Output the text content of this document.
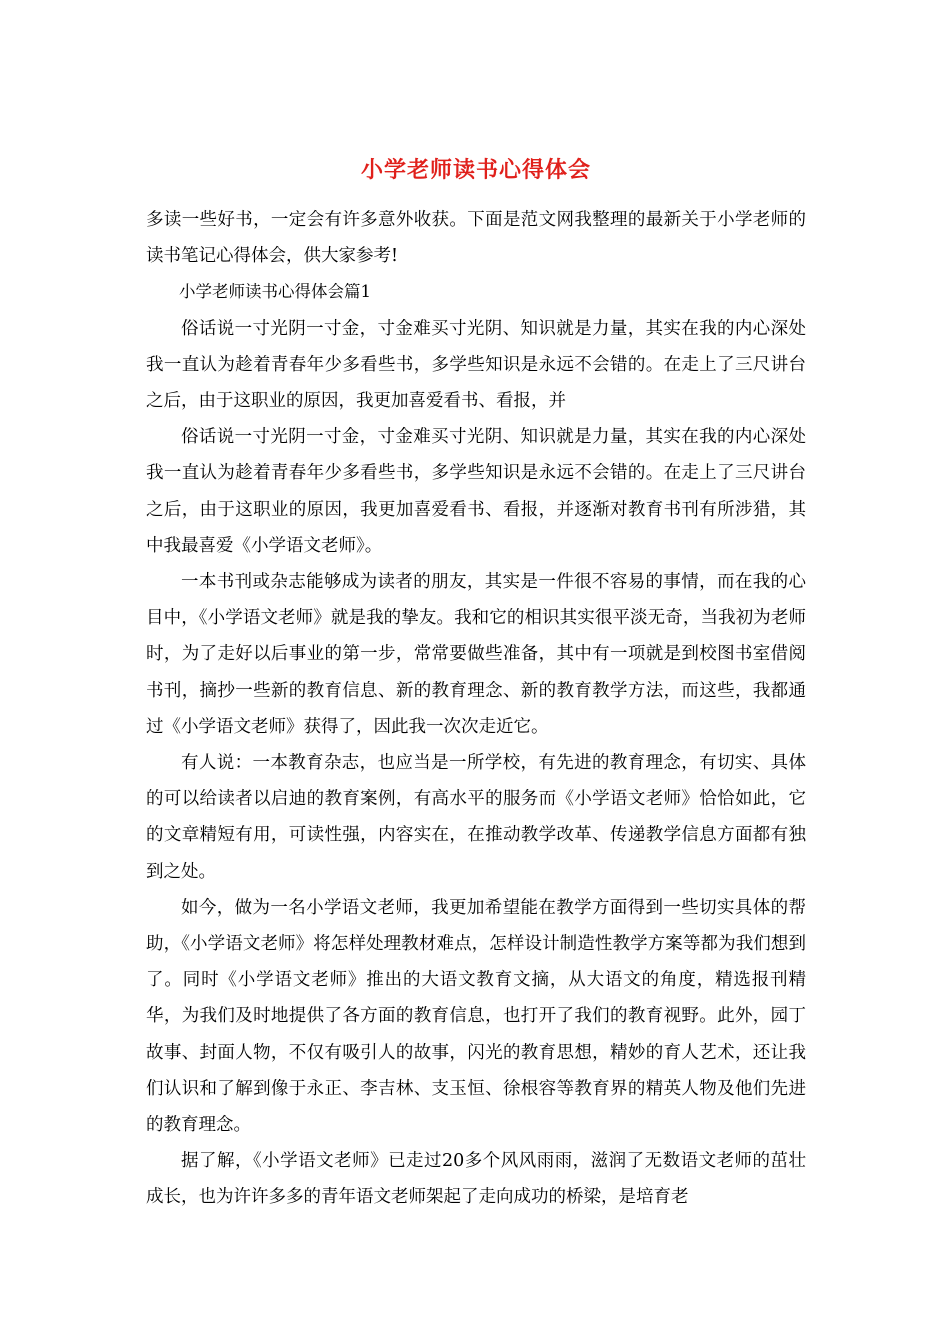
小学老师读书心得体会

多读一些好书，一定会有许多意外收获。下面是范文网我整理的最新关于小学老师的读书笔记心得体会，供大家参考!

小学老师读书心得体会篇1

俗话说一寸光阴一寸金，寸金难买寸光阴、知识就是力量，其实在我的内心深处我一直认为趁着青春年少多看些书，多学些知识是永远不会错的。在走上了三尺讲台之后，由于这职业的原因，我更加喜爱看书、看报，并

俗话说一寸光阴一寸金，寸金难买寸光阴、知识就是力量，其实在我的内心深处我一直认为趁着青春年少多看些书，多学些知识是永远不会错的。在走上了三尺讲台之后，由于这职业的原因，我更加喜爱看书、看报，并逐渐对教育书刊有所涉猎，其中我最喜爱《小学语文老师》。

一本书刊或杂志能够成为读者的朋友，其实是一件很不容易的事情，而在我的心目中，《小学语文老师》就是我的挚友。我和它的相识其实很平淡无奇，当我初为老师时，为了走好以后事业的第一步，常常要做些准备，其中有一项就是到校图书室借阅书刊，摘抄一些新的教育信息、新的教育理念、新的教育教学方法，而这些，我都通过《小学语文老师》获得了，因此我一次次走近它。

有人说：一本教育杂志，也应当是一所学校，有先进的教育理念，有切实、具体的可以给读者以启迪的教育案例，有高水平的服务而《小学语文老师》恰恰如此，它的文章精短有用，可读性强，内容实在，在推动教学改革、传递教学信息方面都有独到之处。

如今，做为一名小学语文老师，我更加希望能在教学方面得到一些切实具体的帮助，《小学语文老师》将怎样处理教材难点，怎样设计制造性教学方案等都为我们想到了。同时《小学语文老师》推出的大语文教育文摘，从大语文的角度，精选报刊精华，为我们及时地提供了各方面的教育信息，也打开了我们的教育视野。此外，园丁故事、封面人物，不仅有吸引人的故事，闪光的教育思想，精妙的育人艺术，还让我们认识和了解到像于永正、李吉林、支玉恒、徐根容等教育界的精英人物及他们先进的教育理念。

据了解，《小学语文老师》已走过20多个风风雨雨，滋润了无数语文老师的茁壮成长，也为许许多多的青年语文老师架起了走向成功的桥梁，是培育老
